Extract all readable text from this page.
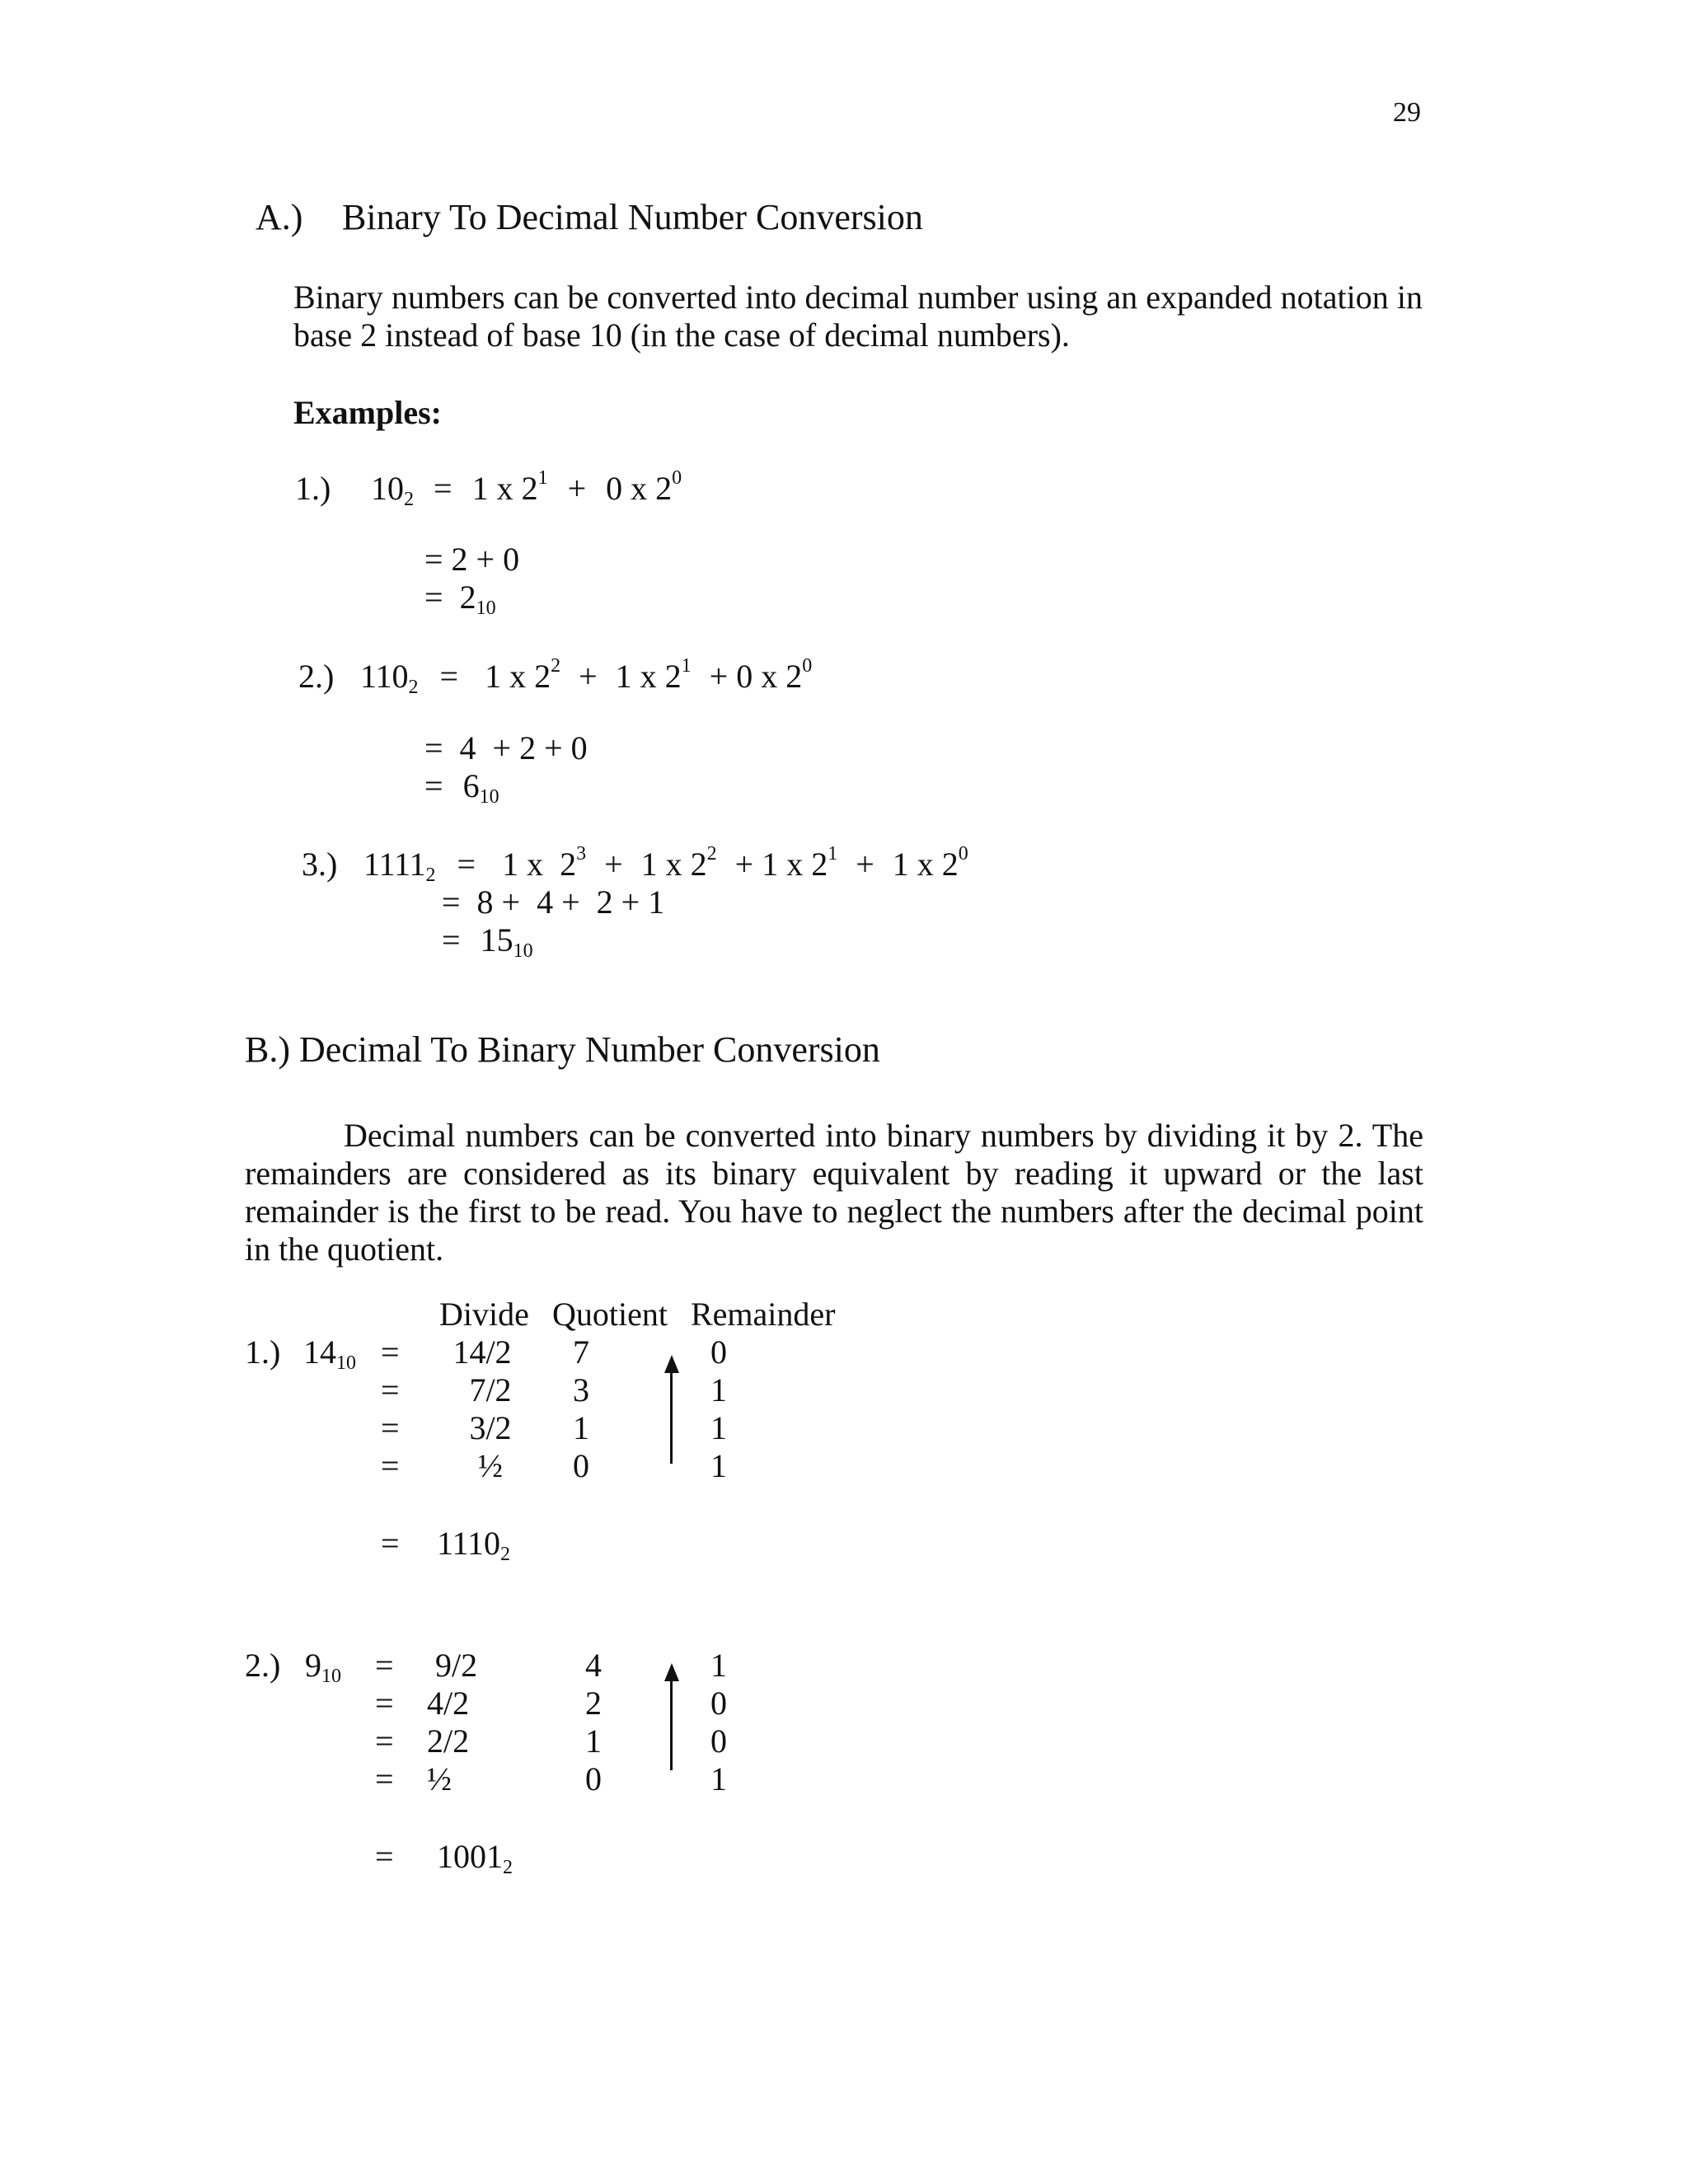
29
A.) Binary To Decimal Number Conversion
Binary numbers can be converted into decimal number using an expanded notation in
base 2 instead of base 10 (in the case of decimal numbers).
Examples:
1.) $10_2 = 1$ x $2^1 + 0$ x $2^0$
= 2 + 0
= $2_{10}$
2.) $110_2 = 1$ x $2^2 + 1$ x $2^1 + 0$ x $2^0$
=  4  + 2 + 0
= $6_{10}$
3.) $1111_2 = 1$ x  $2^3 + 1$ x $2^2 + 1$ x $2^1 + 1$ x $2^0$
=  8 +  4 +  2 + 1
= $15_{10}$
B.) Decimal To Binary Number Conversion
Decimal numbers can be converted into binary numbers by dividing it by 2. The
remainders are considered as its binary equivalent by reading it upward or the last
remainder is the first to be read. You have to neglect the numbers after the decimal point
in the quotient.
Divide Quotient Remainder
1.) $14_{10}$ =	14/2	7	0
=	7/2	3	1
=	3/2	1	1
=	½	0	1
= $1110_2$
2.) $9_{10} = 9/2$	4	1
= 4/2	2	0
= 2/2	1	0
= ½	0	1
= $1001_2$
